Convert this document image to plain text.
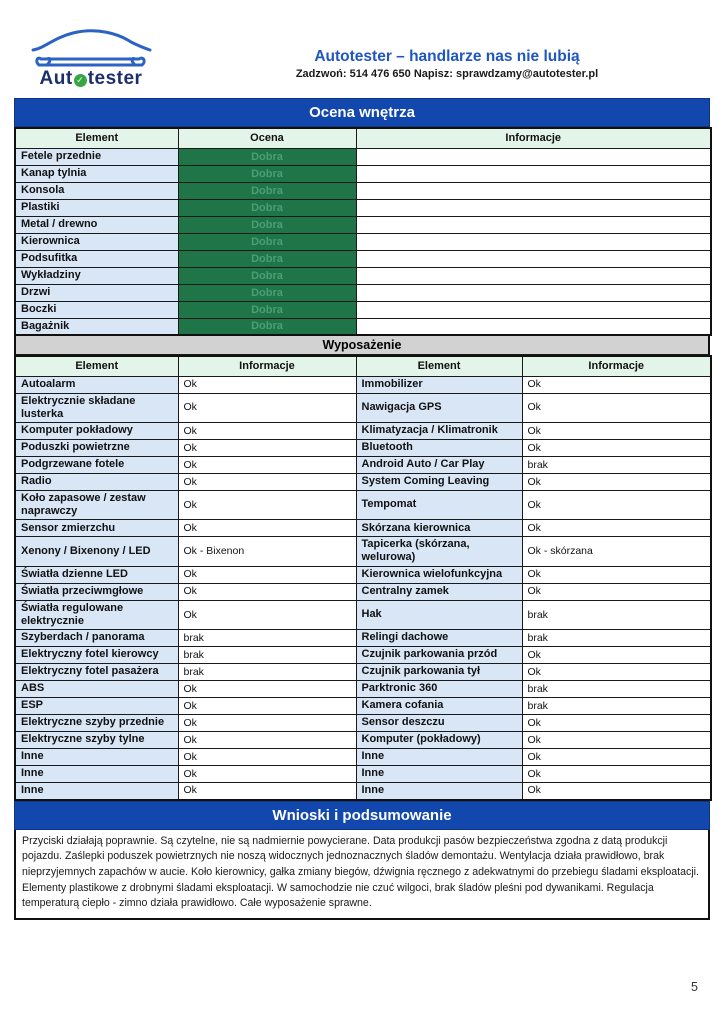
Aut ✓ tester
Autotester – handlarze nas nie lubią
Zadzwoń: 514 476 650 Napisz: sprawdzamy@autotester.pl
Ocena wnętrza
Element	Ocena	Informacje
Fetele przednie	Dobra	
Kanap tylnia	Dobra	
Konsola	Dobra	
Plastiki	Dobra	
Metal / drewno	Dobra	
Kierownica	Dobra	
Podsufitka	Dobra	
Wykładziny	Dobra	
Drzwi	Dobra	
Boczki	Dobra	
Bagażnik	Dobra	
Wyposażenie
Element	Informacje	Element	Informacje
Autoalarm	Ok	Immobilizer	Ok
Elektrycznie składane lusterka	Ok	Nawigacja GPS	Ok
Komputer pokładowy	Ok	Klimatyzacja / Klimatronik	Ok
Poduszki powietrzne	Ok	Bluetooth	Ok
Podgrzewane fotele	Ok	Android Auto / Car Play	brak
Radio	Ok	System Coming Leaving	Ok
Koło zapasowe / zestaw naprawczy	Ok	Tempomat	Ok
Sensor zmierzchu	Ok	Skórzana kierownica	Ok
Xenony / Bixenony / LED	Ok - Bixenon	Tapicerka (skórzana, welurowa)	Ok - skórzana
Światła dzienne LED	Ok	Kierownica wielofunkcyjna	Ok
Światła przeciwmgłowe	Ok	Centralny zamek	Ok
Światła regulowane elektrycznie	Ok	Hak	brak
Szyberdach / panorama	brak	Relingi dachowe	brak
Elektryczny fotel kierowcy	brak	Czujnik parkowania przód	Ok
Elektryczny fotel pasażera	brak	Czujnik parkowania tył	Ok
ABS	Ok	Parktronic 360	brak
ESP	Ok	Kamera cofania	brak
Elektryczne szyby przednie	Ok	Sensor deszczu	Ok
Elektryczne szyby tylne	Ok	Komputer (pokładowy)	Ok
Inne	Ok	Inne	Ok
Inne	Ok	Inne	Ok
Inne	Ok	Inne	Ok
Wnioski i podsumowanie
Przyciski działają poprawnie. Są czytelne, nie są nadmiernie powycierane. Data produkcji pasów bezpieczeństwa zgodna z datą produkcji pojazdu. Zaślepki poduszek powietrznych nie noszą widocznych jednoznacznych śladów demontażu. Wentylacja działa prawidłowo, brak nieprzyjemnych zapachów w aucie. Koło kierownicy, gałka zmiany biegów, dźwignia ręcznego z adekwatnymi do przebiegu śladami eksploatacji. Elementy plastikowe z drobnymi śladami eksploatacji. W samochodzie nie czuć wilgoci, brak śladów pleśni pod dywanikami. Regulacja temperaturą ciepło - zimno działa prawidłowo. Całe wyposażenie sprawne.
5
